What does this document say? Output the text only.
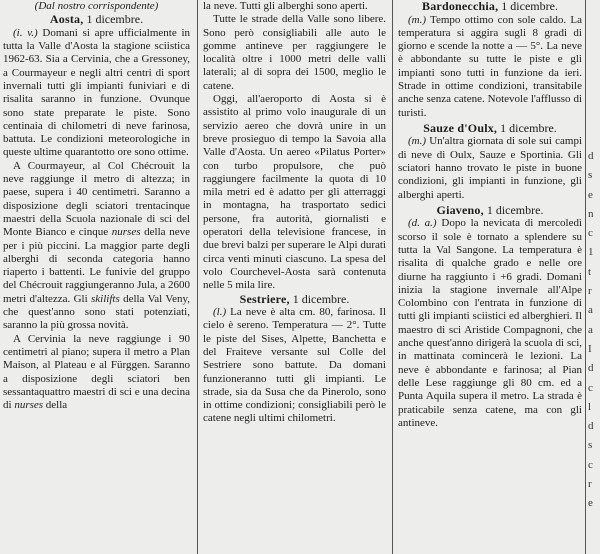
(Dal nostro corrispondente)

Aosta, 1 dicembre.

(i. v.) Domani si apre ufficialmente in tutta la Valle d'Aosta la stagione sciistica 1962-63. Sia a Cervinia, che a Gressoney, a Courmayeur e negli altri centri di sport invernali tutti gli impianti funiviari e di risalita saranno in funzione. Ovunque sono state preparate le piste. Sono centinaia di chilometri di neve farinosa, battuta. Le condizioni meteorologiche in queste ultime quarantotto ore sono ottime.

A Courmayeur, al Col Chécrouit la neve raggiunge il metro di altezza; in paese, supera i 40 centimetri. Saranno a disposizione degli sciatori trentacinque maestri della Scuola nazionale di sci del Monte Bianco e cinque nurses della neve per i più piccini. La maggior parte degli alberghi di seconda categoria hanno riaperto i battenti. Le funivie del gruppo del Chécrouit raggiungeranno Jula, a 2600 metri d'altezza. Gli skilifts della Val Veny, che quest'anno sono stati potenziati, saranno la più grossa novità.

A Cervinia la neve raggiunge i 90 centimetri al piano; supera il metro a Plan Maison, al Plateau e al Fürggen. Saranno a disposizione degli sciatori ben sessantaquattro maestri di sci e una decina di nurses della

la neve. Tutti gli alberghi sono aperti.

Tutte le strade della Valle sono libere. Sono però consigliabili alle auto le gomme antineve per raggiungere le località oltre i 1000 metri delle valli laterali; al di sopra dei 1500, meglio le catene.

Oggi, all'aeroporto di Aosta si è assistito al primo volo inaugurale di un servizio aereo che dovrà unire in un breve prosieguo di tempo la Savoia alla Valle d'Aosta. Un aereo «Pilatus Porter» con turbo propulsore, che può raggiungere facilmente la quota di 10 mila metri ed è adatto per gli atterraggi in montagna, ha trasportato sedici persone, fra autorità, giornalisti e operatori della televisione francese, in due brevi balzi per superare le Alpi durati circa venti minuti ciascuno. La spesa del volo Courchevel-Aosta sarà contenuta nelle 5 mila lire.

Sestriere, 1 dicembre.

(l.) La neve è alta cm. 80, farinosa. Il cielo è sereno. Temperatura — 2°. Tutte le piste del Sises, Alpette, Banchetta e del Fraiteve versante sul Colle del Sestriere sono battute. Da domani funzioneranno tutti gli impianti. Le strade, sia da Susa che da Pinerolo, sono in ottime condizioni; consigliabili però le catene negli ultimi chilometri.

Bardonecchia, 1 dicembre.

(m.) Tempo ottimo con sole caldo. La temperatura si aggira sugli 8 gradi di giorno e scende la notte a — 5°. La neve è abbondante su tutte le piste e gli impianti sono tutti in funzione da ieri. Strade in ottime condizioni, transitabile anche senza catene. Notevole l'afflusso di turisti.

Sauze d'Oulx, 1 dicembre.

(m.) Un'altra giornata di sole sui campi di neve di Oulx, Sauze e Sportinia. Gli sciatori hanno trovato le piste in buone condizioni, gli impianti in funzione, gli alberghi aperti.

Giaveno, 1 dicembre.

(d. a.) Dopo la nevicata di mercoledì scorso il sole è tornato a splendere su tutta la Val Sangone. La temperatura è risalita di qualche grado e nelle ore diurne ha raggiunto i +6 gradi. Domani inizia la stagione invernale all'Alpe Colombino con l'entrata in funzione di tutti gli impianti sciistici ed alberghieri. Il maestro di sci Aristide Compagnoni, che anche quest'anno dirigerà la scuola di sci, in mattinata comincerà le lezioni. La neve è abbondante e farinosa; al Pian delle Lese raggiunge gli 80 cm. ed a Punta Aquila supera il metro. La strada è praticabile senza catene, ma con gli antineve.

d
s
e
n
c
1
t
r
a
a
I
d
c
l
d
s
c
r
e
